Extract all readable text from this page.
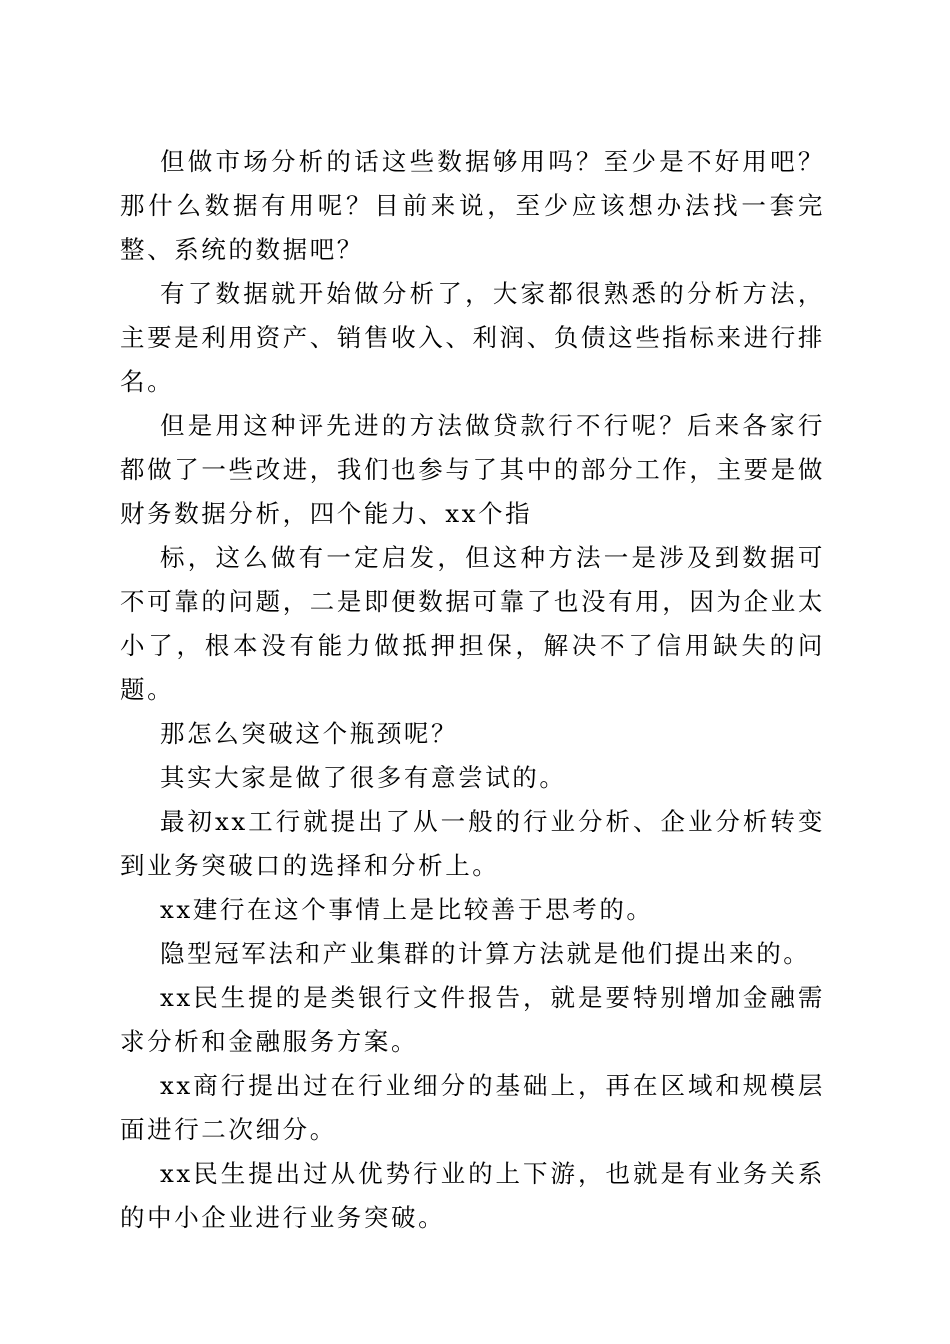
但做市场分析的话这些数据够用吗？至少是不好用吧？那什么数据有用呢？目前来说，至少应该想办法找一套完整、系统的数据吧？

有了数据就开始做分析了，大家都很熟悉的分析方法，主要是利用资产、销售收入、利润、负债这些指标来进行排名。

但是用这种评先进的方法做贷款行不行呢？后来各家行都做了一些改进，我们也参与了其中的部分工作，主要是做财务数据分析，四个能力、xx个指

标，这么做有一定启发，但这种方法一是涉及到数据可不可靠的问题，二是即便数据可靠了也没有用，因为企业太小了，根本没有能力做抵押担保，解决不了信用缺失的问题。

那怎么突破这个瓶颈呢？

其实大家是做了很多有意尝试的。

最初xx工行就提出了从一般的行业分析、企业分析转变到业务突破口的选择和分析上。

xx建行在这个事情上是比较善于思考的。

隐型冠军法和产业集群的计算方法就是他们提出来的。

xx民生提的是类银行文件报告，就是要特别增加金融需求分析和金融服务方案。

xx商行提出过在行业细分的基础上，再在区域和规模层面进行二次细分。

xx民生提出过从优势行业的上下游，也就是有业务关系的中小企业进行业务突破。
